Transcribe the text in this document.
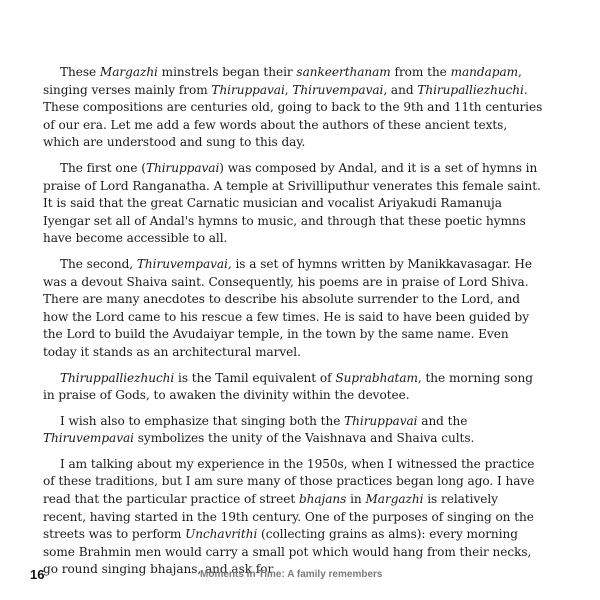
These Margazhi minstrels began their sankeerthanam from the mandapam, singing verses mainly from Thiruppavai, Thiruvempavai, and Thirupalliezhuchi. These compositions are centuries old, going to back to the 9th and 11th centuries of our era. Let me add a few words about the authors of these ancient texts, which are understood and sung to this day.

The first one (Thiruppavai) was composed by Andal, and it is a set of hymns in praise of Lord Ranganatha. A temple at Srivilliputhur venerates this female saint. It is said that the great Carnatic musician and vocalist Ariyakudi Ramanuja Iyengar set all of Andal's hymns to music, and through that these poetic hymns have become accessible to all.

The second, Thiruvempavai, is a set of hymns written by Manikkavasagar. He was a devout Shaiva saint. Consequently, his poems are in praise of Lord Shiva. There are many anecdotes to describe his absolute surrender to the Lord, and how the Lord came to his rescue a few times. He is said to have been guided by the Lord to build the Avudaiyar temple, in the town by the same name. Even today it stands as an architectural marvel.

Thiruppalliezhuchi is the Tamil equivalent of Suprabhatam, the morning song in praise of Gods, to awaken the divinity within the devotee.

I wish also to emphasize that singing both the Thiruppavai and the Thiruvempavai symbolizes the unity of the Vaishnava and Shaiva cults.

I am talking about my experience in the 1950s, when I witnessed the practice of these traditions, but I am sure many of those practices began long ago. I have read that the particular practice of street bhajans in Margazhi is relatively recent, having started in the 19th century. One of the purposes of singing on the streets was to perform Unchavrithi (collecting grains as alms): every morning some Brahmin men would carry a small pot which would hang from their necks, go round singing bhajans, and ask for

16	Moments in Time: A family remembers
